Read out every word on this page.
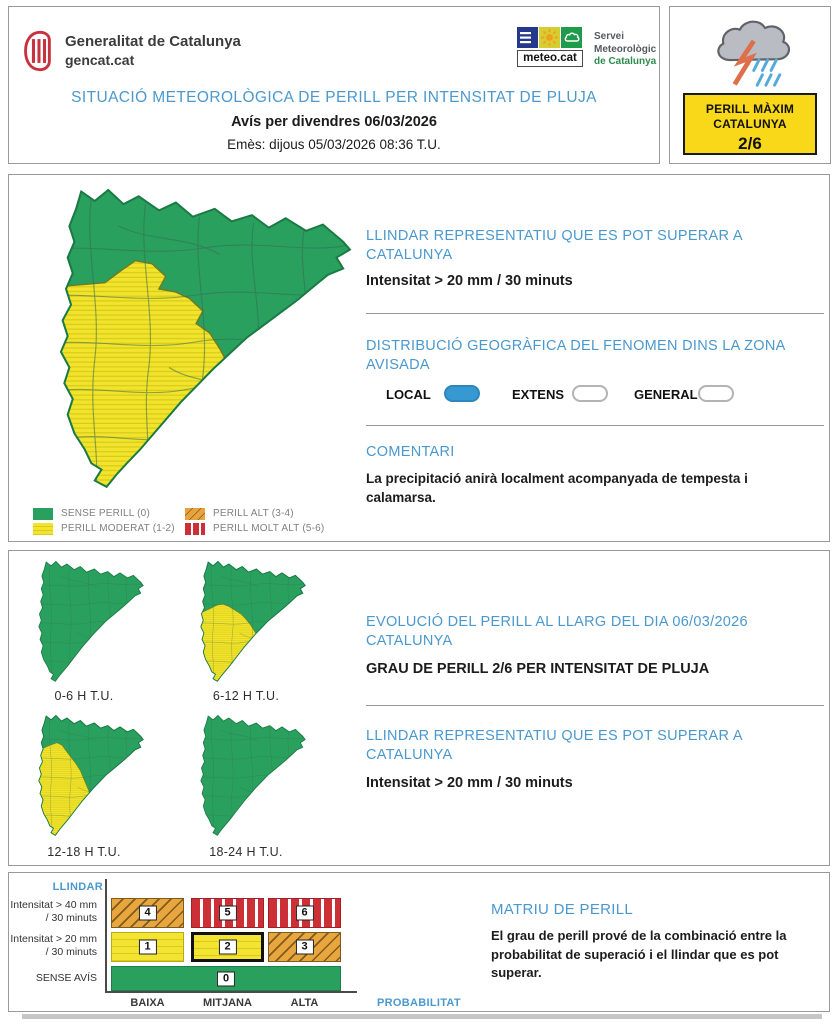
Generalitat de Catalunya
gencat.cat	meteo.cat
Servei
Meteorològic
de Catalunya
SITUACIÓ METEOROLÒGICA DE PERILL PER INTENSITAT DE PLUJA
Avís per divendres 06/03/2026
Emès: dijous 05/03/2026 08:36 T.U.
PERILL MÀXIM
CATALUNYA
2/6
SENSE PERILL (0)
PERILL MODERAT (1-2)
PERILL ALT (3-4)
PERILL MOLT ALT (5-6)
LLINDAR REPRESENTATIU QUE ES POT SUPERAR A CATALUNYA
Intensitat > 20 mm / 30 minuts
DISTRIBUCIÓ GEOGRÀFICA DEL FENOMEN DINS LA ZONA AVISADA
LOCAL	EXTENS	GENERAL
COMENTARI
La precipitació anirà localment acompanyada de tempesta i calamarsa.
0-6 H T.U.	6-12 H T.U.
12-18 H T.U.	18-24 H T.U.
EVOLUCIÓ DEL PERILL AL LLARG DEL DIA 06/03/2026 CATALUNYA
GRAU DE PERILL 2/6 PER INTENSITAT DE PLUJA
LLINDAR REPRESENTATIU QUE ES POT SUPERAR A CATALUNYA
Intensitat > 20 mm / 30 minuts
LLINDAR
Intensitat > 40 mm / 30 minuts
Intensitat > 20 mm / 30 minuts
SENSE AVÍS
4	5	6
1	2	3
0
BAIXA	MITJANA	ALTA	PROBABILITAT
MATRIU DE PERILL
El grau de perill prové de la combinació entre la probabilitat de superació i el llindar que es pot superar.
